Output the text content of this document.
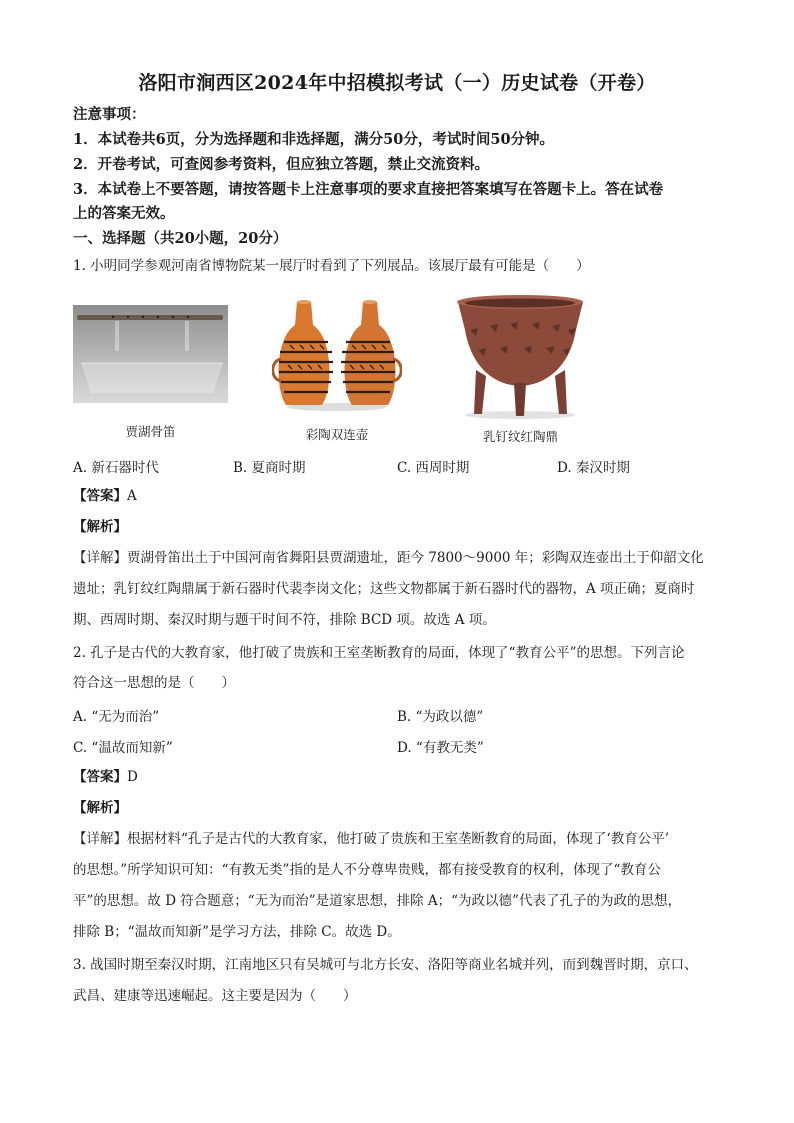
洛阳市涧西区2024年中招模拟考试（一）历史试卷（开卷）
注意事项：
1．本试卷共6页，分为选择题和非选择题，满分50分，考试时间50分钟。
2．开卷考试，可查阅参考资料，但应独立答题，禁止交流资料。
3．本试卷上不要答题，请按答题卡上注意事项的要求直接把答案填写在答题卡上。答在试卷
上的答案无效。
一、选择题（共20小题，20分）
1. 小明同学参观河南省博物院某一展厅时看到了下列展品。该展厅最有可能是（　　）
贾湖骨笛	彩陶双连壶	乳钉纹红陶鼎
A. 新石器时代	B. 夏商时期	C. 西周时期	D. 秦汉时期
【答案】A
【解析】
【详解】贾湖骨笛出土于中国河南省舞阳县贾湖遗址，距今 7800～9000 年；彩陶双连壶出土于仰韶文化
遗址；乳钉纹红陶鼎属于新石器时代裴李岗文化；这些文物都属于新石器时代的器物，A 项正确；夏商时
期、西周时期、秦汉时期与题干时间不符，排除 BCD 项。故选 A 项。
2. 孔子是古代的大教育家，他打破了贵族和王室垄断教育的局面，体现了“教育公平”的思想。下列言论
符合这一思想的是（　　）
A. “无为而治”	B. “为政以德”
C. “温故而知新”	D. “有教无类”
【答案】D
【解析】
【详解】根据材料“孔子是古代的大教育家，他打破了贵族和王室垄断教育的局面，体现了‘教育公平’
的思想。”所学知识可知：“有教无类”指的是人不分尊卑贵贱，都有接受教育的权利，体现了“教育公
平”的思想。故 D 符合题意；“无为而治”是道家思想，排除 A；“为政以德”代表了孔子的为政的思想，
排除 B；“温故而知新”是学习方法，排除 C。故选 D。
3. 战国时期至秦汉时期，江南地区只有吴城可与北方长安、洛阳等商业名城并列，而到魏晋时期，京口、
武昌、建康等迅速崛起。这主要是因为（　　）
